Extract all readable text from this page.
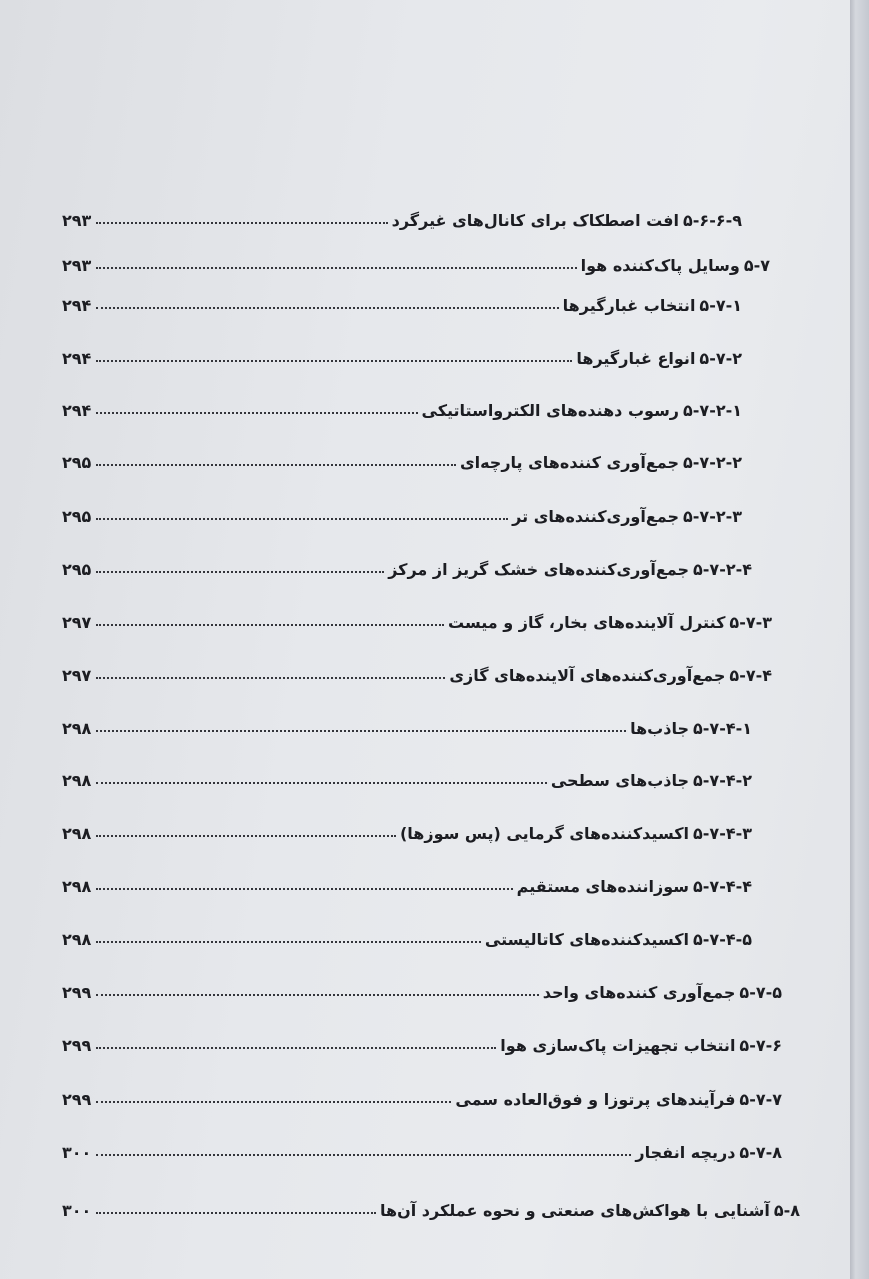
۵-۶-۶-۹
افت اصطکاک برای کانال‌های غیرگرد
۲۹۳
۵-۷
وسایل پاک‌کننده هوا
۲۹۳
۵-۷-۱
انتخاب غبارگیرها
۲۹۴
۵-۷-۲
انواع غبارگیرها
۲۹۴
۵-۷-۲-۱
رسوب دهنده‌های الکترواستاتیکی
۲۹۴
۵-۷-۲-۲
جمع‌آوری کننده‌های پارچه‌ای
۲۹۵
۵-۷-۲-۳
جمع‌آوری‌کننده‌های تر
۲۹۵
۵-۷-۲-۴
جمع‌آوری‌کننده‌های خشک گریز از مرکز
۲۹۵
۵-۷-۳
کنترل آلاینده‌های بخار، گاز و میست
۲۹۷
۵-۷-۴
جمع‌آوری‌کننده‌های آلاینده‌های گازی
۲۹۷
۵-۷-۴-۱
جاذب‌ها
۲۹۸
۵-۷-۴-۲
جاذب‌های سطحی
۲۹۸
۵-۷-۴-۳
اکسیدکننده‌های گرمایی (پس سوزها)
۲۹۸
۵-۷-۴-۴
سوزاننده‌های مستقیم
۲۹۸
۵-۷-۴-۵
اکسیدکننده‌های کاتالیستی
۲۹۸
۵-۷-۵
جمع‌آوری کننده‌های واحد
۲۹۹
۵-۷-۶
انتخاب تجهیزات پاک‌سازی هوا
۲۹۹
۵-۷-۷
فرآیندهای پرتوزا و فوق‌العاده سمی
۲۹۹
۵-۷-۸
دریچه انفجار
۳۰۰
۵-۸
آشنایی با هواکش‌های صنعتی و نحوه عملکرد آن‌ها
۳۰۰
